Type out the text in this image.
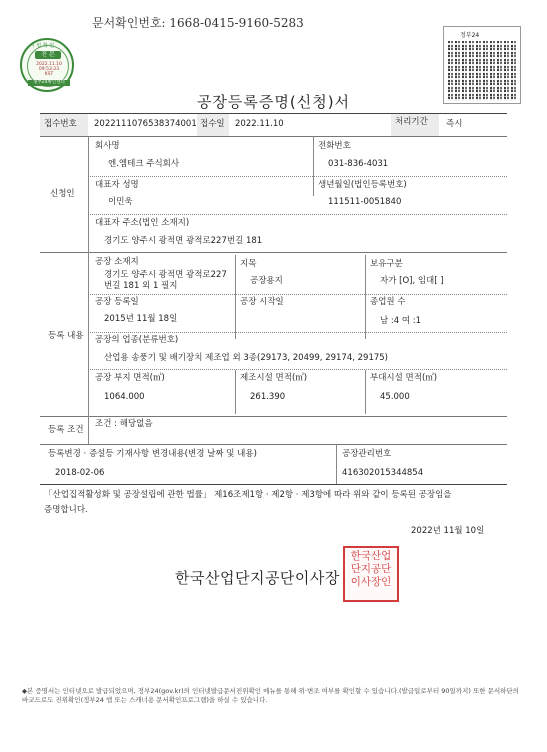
문서확인번호: 1668-0415-9160-5283
시 립 확 인
진 본
2022.11.10
09:53:23
KST
정부24확인센터
정부24
공장등록증명(신청)서
접수번호 20221110765383740​01 접수일 2022.11.10	처리기간 즉시
신청인
회사명
엔.엠테크 주식회사
전화번호
031-836-4031
대표자 성명
이민욱
생년월일(법인등록번호)
111511-0051840
대표자 주소(법인 소재지)
경기도 양주시 광적면 광적로227번길 181
등록 내용
공장 소재지
경기도 양주시 광적면 광적로227
번길 181 외 1 필지
지목
공장용지
보유구분
자가 [O], 임대[ ]
공장 등록일
2015년 11월 18일
공장 시작일	종업원 수
남 :4 여 :1
공장의 업종(분류번호)
산업용 송풍기 및 배기장치 제조업 외 3종(29173, 20499, 29174, 29175)
공장 부지 면적(㎡)
1064.000
제조시설 면적(㎡)
261.390
부대시설 면적(㎡)
45.000
등록 조건
조건 : 해당없음
등록변경 · 증설등 기재사항 변경내용(변경 날짜 및 내용)
2018-02-06
공장관리번호
416302015344854
「산업집적활성화 및 공장설립에 관한 법률」 제16조제1항 · 제2항 · 제3항에 따라 위와 같이 등록된 공장임을
증명합니다.
2022년 11월 10일
한국산업단지공단이사장
한국산업
단지공단
이사장인
◆본 증명서는 인터넷으로 발급되었으며, 정부24(gov.kr)의 인터넷발급문서진위확인 메뉴를 통해 위·변조 여부를 확인할 수 있습니다.(발급일로부터 90일까지) 또한 문서하단의 바코드로도 진위확인(정부24 앱 또는 스캐너용 문서확인프로그램)을 하실 수 있습니다.
